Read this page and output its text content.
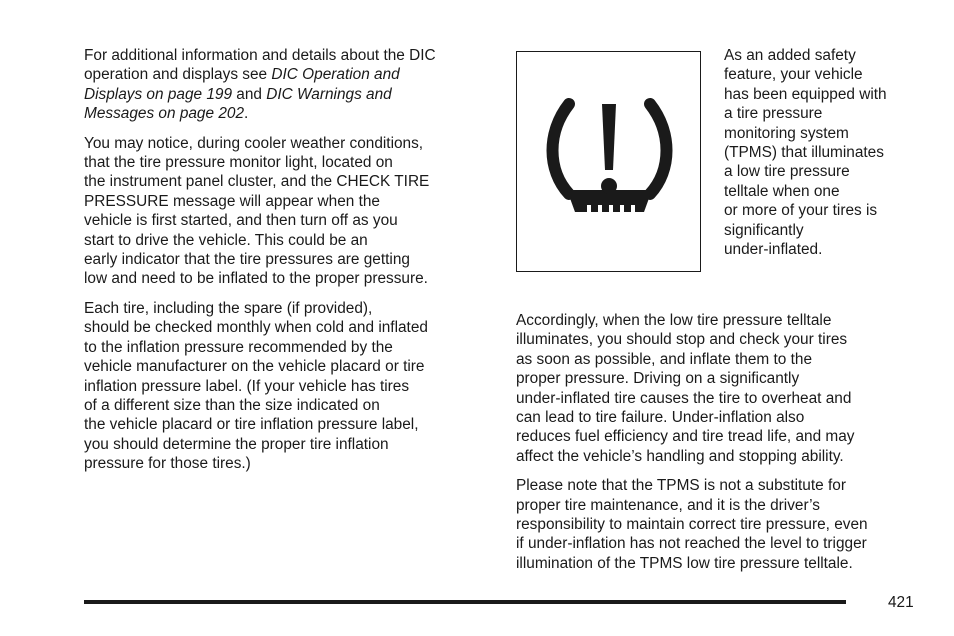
For additional information and details about the DIC
operation and displays see DIC Operation and
Displays on page 199 and DIC Warnings and
Messages on page 202.

You may notice, during cooler weather conditions,
that the tire pressure monitor light, located on
the instrument panel cluster, and the CHECK TIRE
PRESSURE message will appear when the
vehicle is first started, and then turn off as you
start to drive the vehicle. This could be an
early indicator that the tire pressures are getting
low and need to be inflated to the proper pressure.

Each tire, including the spare (if provided),
should be checked monthly when cold and inflated
to the inflation pressure recommended by the
vehicle manufacturer on the vehicle placard or tire
inflation pressure label. (If your vehicle has tires
of a different size than the size indicated on
the vehicle placard or tire inflation pressure label,
you should determine the proper tire inflation
pressure for those tires.)

As an added safety
feature, your vehicle
has been equipped with
a tire pressure
monitoring system
(TPMS) that illuminates
a low tire pressure
telltale when one
or more of your tires is
significantly
under-inflated.

Accordingly, when the low tire pressure telltale
illuminates, you should stop and check your tires
as soon as possible, and inflate them to the
proper pressure. Driving on a significantly
under-inflated tire causes the tire to overheat and
can lead to tire failure. Under-inflation also
reduces fuel efficiency and tire tread life, and may
affect the vehicle’s handling and stopping ability.

Please note that the TPMS is not a substitute for
proper tire maintenance, and it is the driver’s
responsibility to maintain correct tire pressure, even
if under-inflation has not reached the level to trigger
illumination of the TPMS low tire pressure telltale.

421
